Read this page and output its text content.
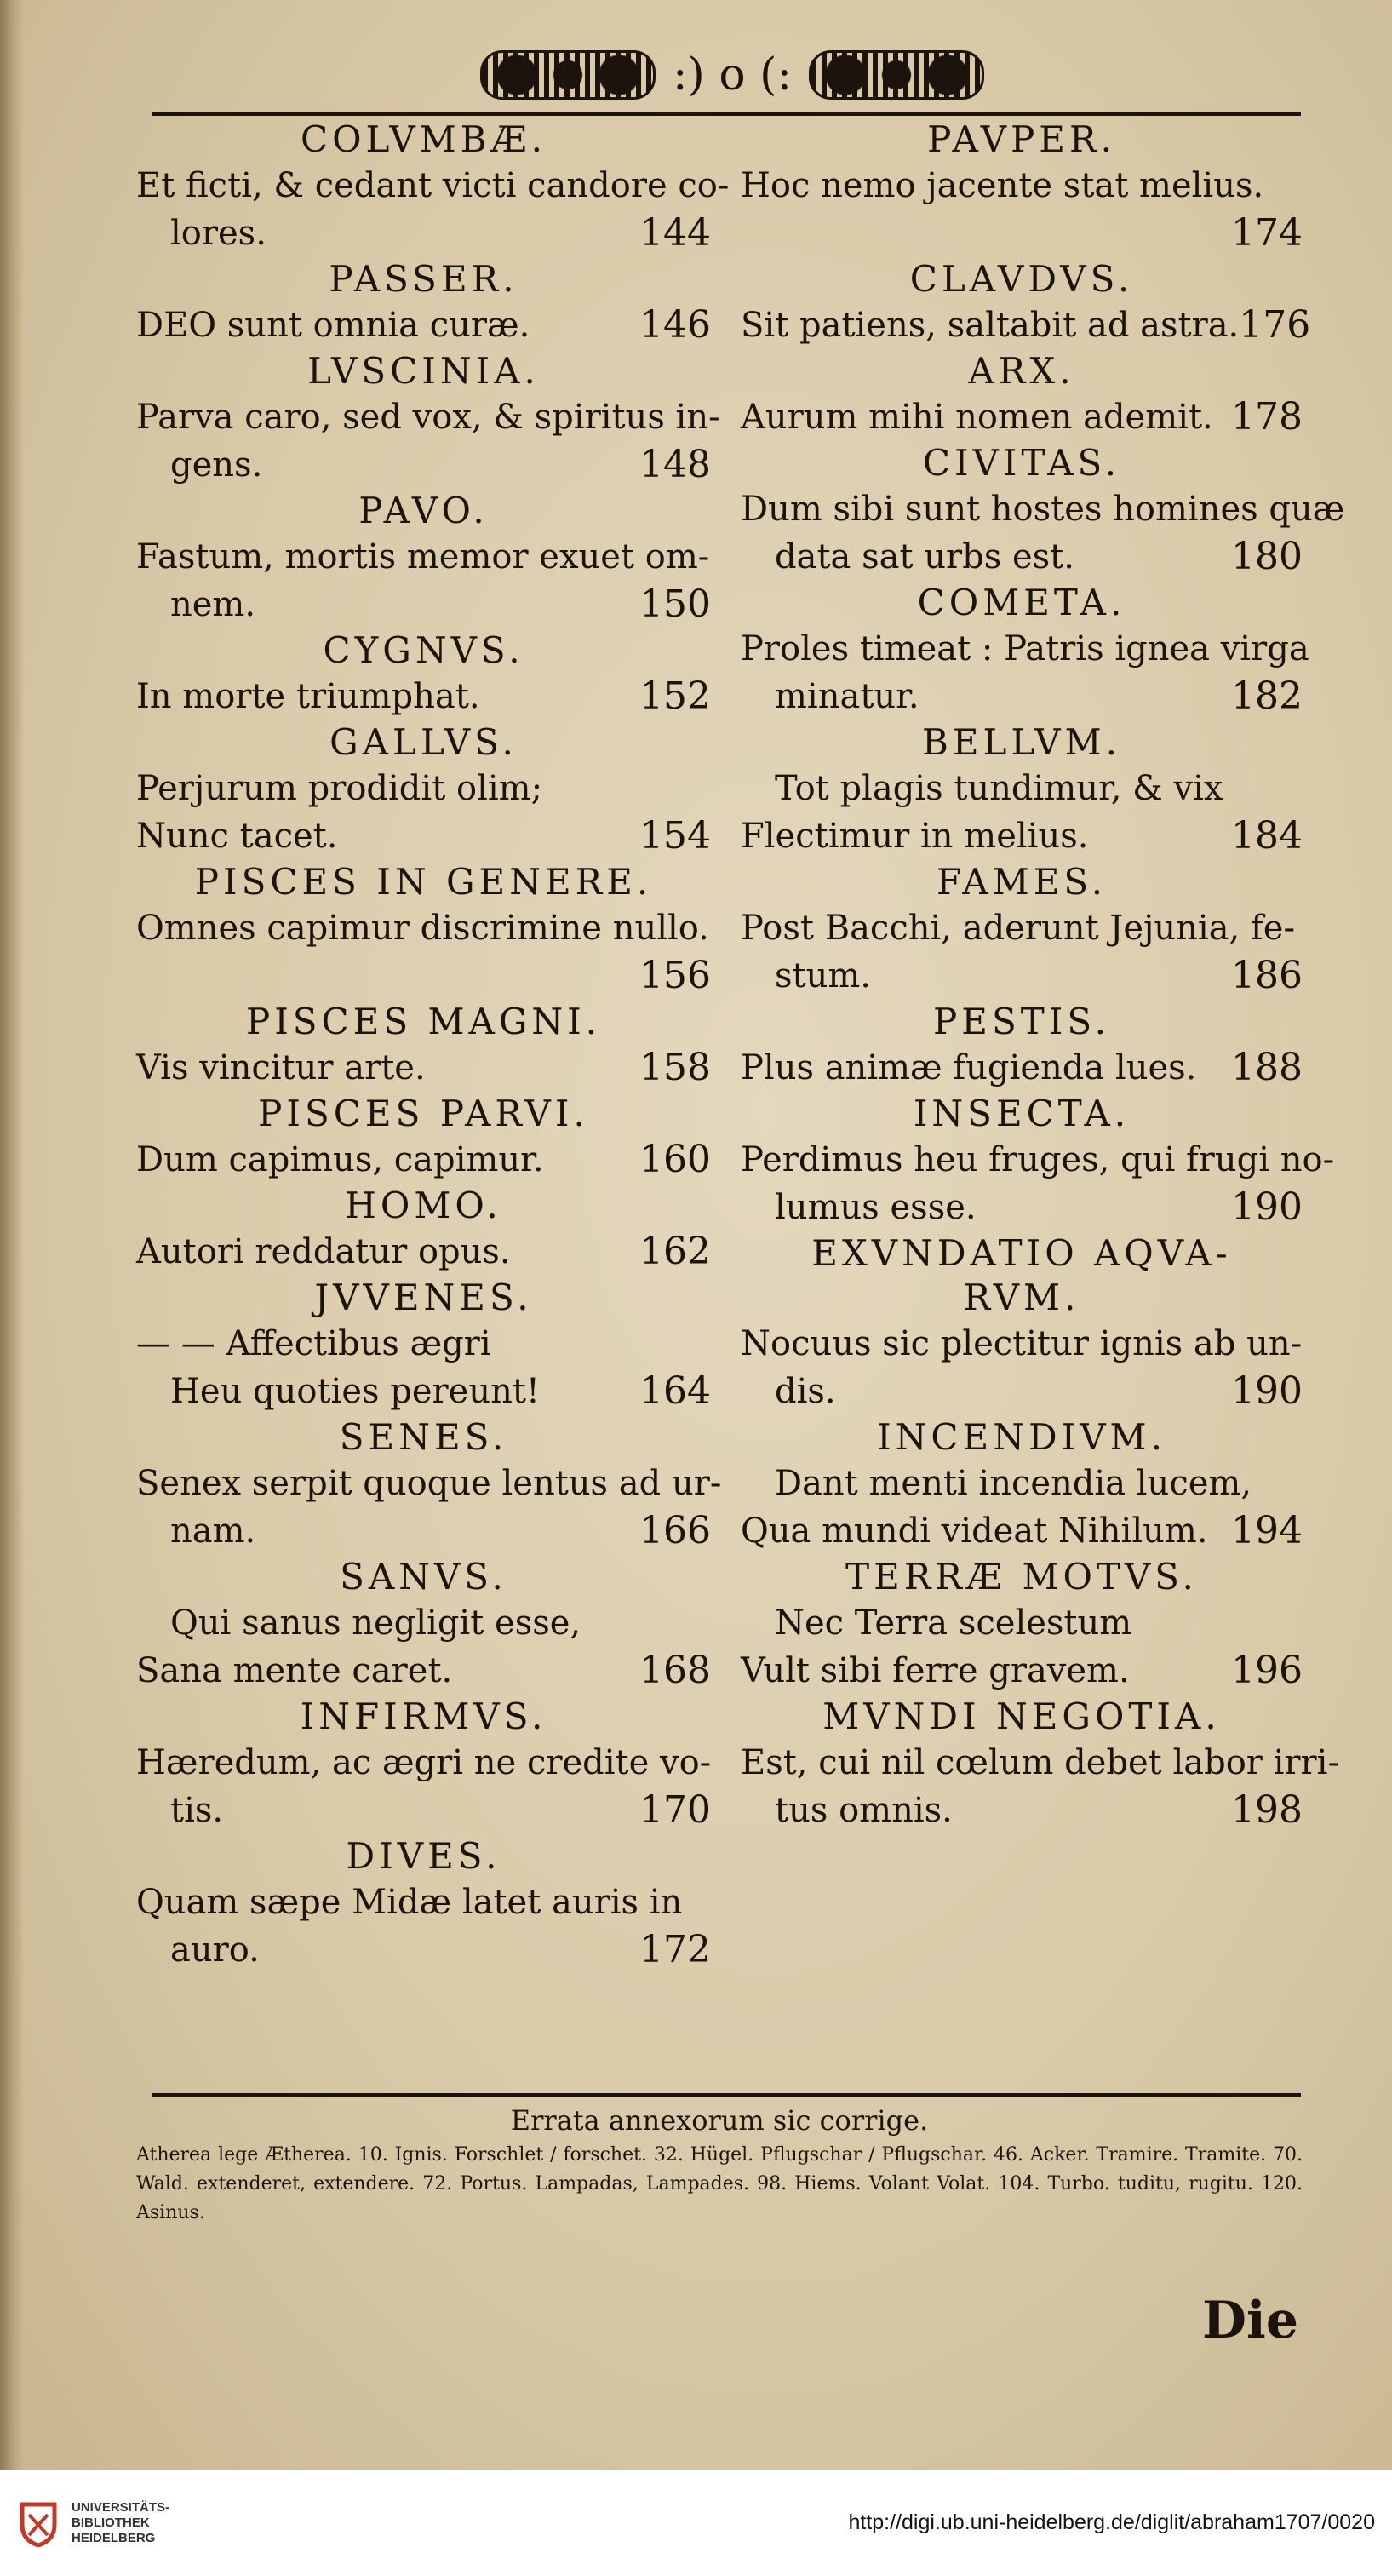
:) o (:
COLVMBÆ.
Et ficti, & cedant victi candore co-
lores.	144
PASSER.
DEO sunt omnia curæ.	146
LVSCINIA.
Parva caro, sed vox, & spiritus in-
gens.	148
PAVO.
Fastum, mortis memor exuet om-
nem.	150
CYGNVS.
In morte triumphat.	152
GALLVS.
Perjurum prodidit olim;
Nunc tacet.	154
PISCES IN GENERE.
Omnes capimur discrimine nullo.
156
PISCES MAGNI.
Vis vincitur arte.	158
PISCES PARVI.
Dum capimus, capimur.	160
HOMO.
Autori reddatur opus.	162
JVVENES.
— — Affectibus ægri
Heu quoties pereunt!	164
SENES.
Senex serpit quoque lentus ad ur-
nam.	166
SANVS.
Qui sanus negligit esse,
Sana mente caret.	168
INFIRMVS.
Hæredum, ac ægri ne credite vo-
tis.	170
DIVES.
Quam sæpe Midæ latet auris in
auro.	172
PAVPER.
Hoc nemo jacente stat melius.
174
CLAVDVS.
Sit patiens, saltabit ad astra. 176
ARX.
Aurum mihi nomen ademit. 178
CIVITAS.
Dum sibi sunt hostes homines quæ
data sat urbs est.	180
COMETA.
Proles timeat : Patris ignea virga
minatur.	182
BELLVM.
Tot plagis tundimur, & vix
Flectimur in melius.	184
FAMES.
Post Bacchi, aderunt Jejunia, fe-
stum.	186
PESTIS.
Plus animæ fugienda lues. 188
INSECTA.
Perdimus heu fruges, qui frugi no-
lumus esse.	190
EXVNDATIO AQVA-
RVM.
Nocuus sic plectitur ignis ab un-
dis.	190
INCENDIVM.
Dant menti incendia lucem,
Qua mundi videat Nihilum. 194
TERRÆ MOTVS.
Nec Terra scelestum
Vult sibi ferre gravem.	196
MVNDI NEGOTIA.
Est, cui nil cœlum debet labor irri-
tus omnis.	198
Errata annexorum sic corrige.
Atherea lege Ætherea. 10. Ignis. Forschlet / forschet. 32. Hügel. Pflugschar / Pflugschar. 46. Acker. Tramire. Tramite. 70. Wald. extenderet, extendere. 72. Portus. Lampadas, Lampades. 98. Hiems. Volant Volat. 104. Turbo. tuditu, rugitu. 120. Asinus.
Die
UNIVERSITÄTS-
BIBLIOTHEK
HEIDELBERG
http://digi.ub.uni-heidelberg.de/diglit/abraham1707/0020
